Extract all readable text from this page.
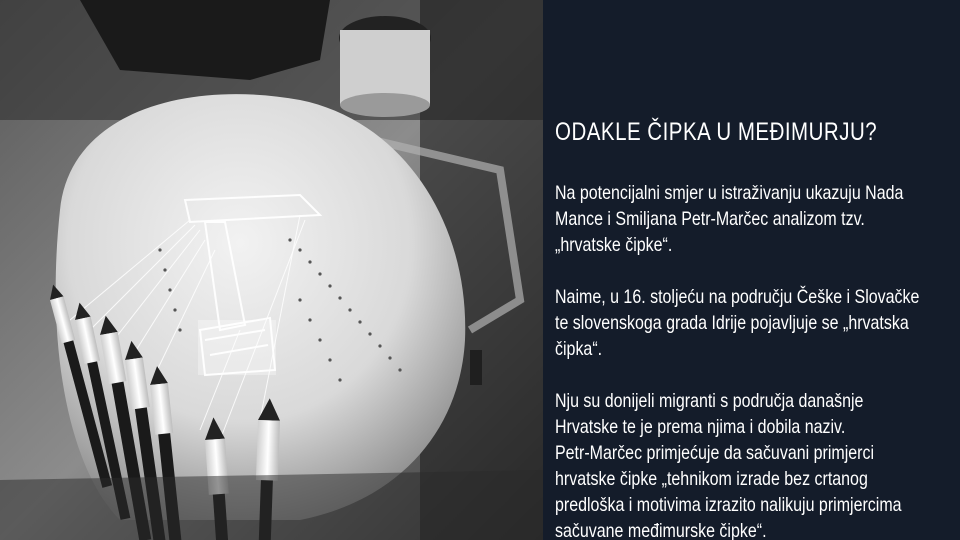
ODAKLE ČIPKA U MEĐIMURJU?

Na potencijalni smjer u istraživanju ukazuju Nada
Mance i Smiljana Petr-Marčec analizom tzv.
„hrvatske čipke“.

Naime, u 16. stoljeću na području Češke i Slovačke
te slovenskoga grada Idrije pojavljuje se „hrvatska
čipka“.

Nju su donijeli migranti s područja današnje
Hrvatske te je prema njima i dobila naziv.
Petr-Marčec primjećuje da sačuvani primjerci
hrvatske čipke „tehnikom izrade bez crtanog
predloška i motivima izrazito nalikuju primjercima
sačuvane međimurske čipke“.
